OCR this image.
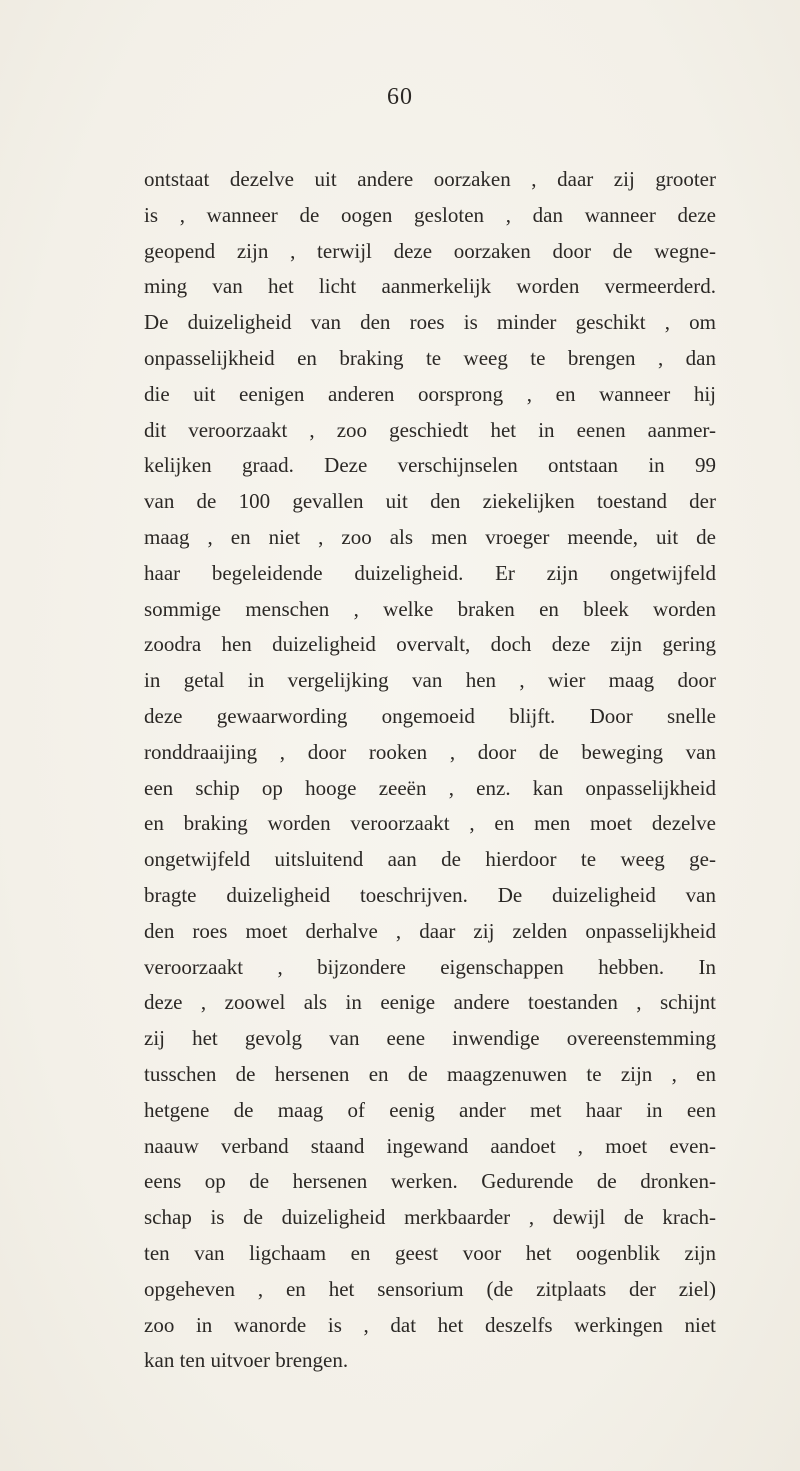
60
ontstaat dezelve uit andere oorzaken , daar zij grooter
is , wanneer de oogen gesloten , dan wanneer deze
geopend zijn , terwijl deze oorzaken door de wegne-
ming van het licht aanmerkelijk worden vermeerderd.
De duizeligheid van den roes is minder geschikt , om
onpasselijkheid en braking te weeg te brengen , dan
die uit eenigen anderen oorsprong , en wanneer hij
dit veroorzaakt , zoo geschiedt het in eenen aanmer-
kelijken graad. Deze verschijnselen ontstaan in 99
van de 100 gevallen uit den ziekelijken toestand der
maag , en niet , zoo als men vroeger meende, uit de
haar begeleidende duizeligheid. Er zijn ongetwijfeld
sommige menschen , welke braken en bleek worden
zoodra hen duizeligheid overvalt, doch deze zijn gering
in getal in vergelijking van hen , wier maag door
deze gewaarwording ongemoeid blijft. Door snelle
ronddraaijing , door rooken , door de beweging van
een schip op hooge zeeën , enz. kan onpasselijkheid
en braking worden veroorzaakt , en men moet dezelve
ongetwijfeld uitsluitend aan de hierdoor te weeg ge-
bragte duizeligheid toeschrijven. De duizeligheid van
den roes moet derhalve , daar zij zelden onpasselijkheid
veroorzaakt , bijzondere eigenschappen hebben. In
deze , zoowel als in eenige andere toestanden , schijnt
zij het gevolg van eene inwendige overeenstemming
tusschen de hersenen en de maagzenuwen te zijn , en
hetgene de maag of eenig ander met haar in een
naauw verband staand ingewand aandoet , moet even-
eens op de hersenen werken. Gedurende de dronken-
schap is de duizeligheid merkbaarder , dewijl de krach-
ten van ligchaam en geest voor het oogenblik zijn
opgeheven , en het sensorium (de zitplaats der ziel)
zoo in wanorde is , dat het deszelfs werkingen niet
kan ten uitvoer brengen.
